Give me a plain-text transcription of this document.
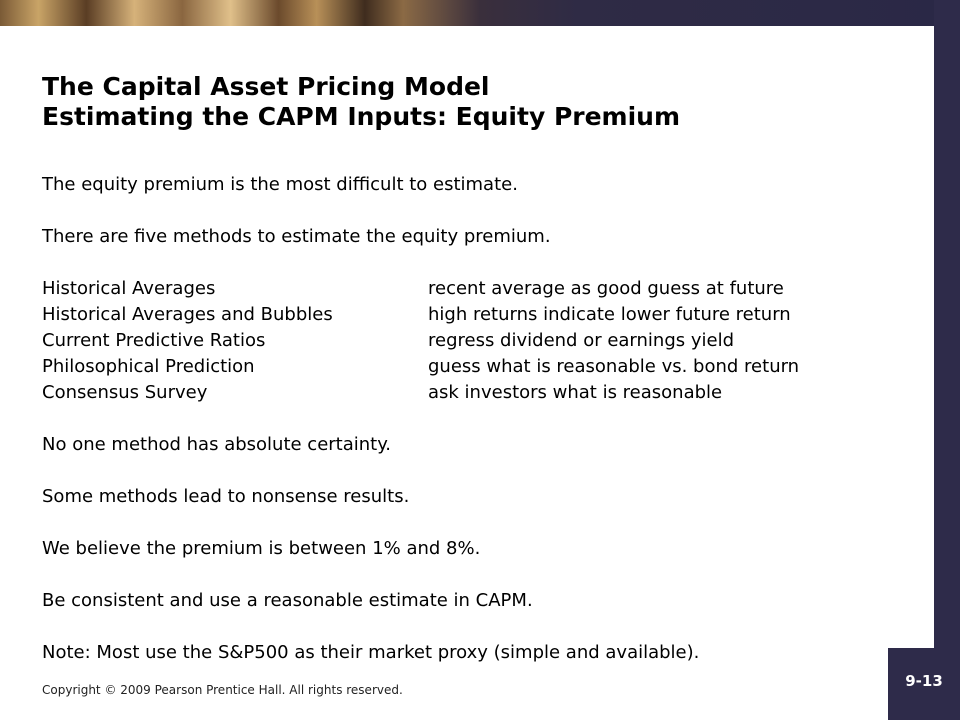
9-13
The Capital Asset Pricing Model
Estimating the CAPM Inputs: Equity Premium

The equity premium is the most difficult to estimate.

There are five methods to estimate the equity premium.

Historical Averages	recent average as good guess at future
Historical Averages and Bubbles	high returns indicate lower future return
Current Predictive Ratios	regress dividend or earnings yield
Philosophical Prediction	guess what is reasonable vs. bond return
Consensus Survey	ask investors what is reasonable

No one method has absolute certainty.

Some methods lead to nonsense results.

We believe the premium is between 1% and 8%.

Be consistent and use a reasonable estimate in CAPM.

Note: Most use the S&P500 as their market proxy (simple and available).

Copyright © 2009 Pearson Prentice Hall. All rights reserved.
